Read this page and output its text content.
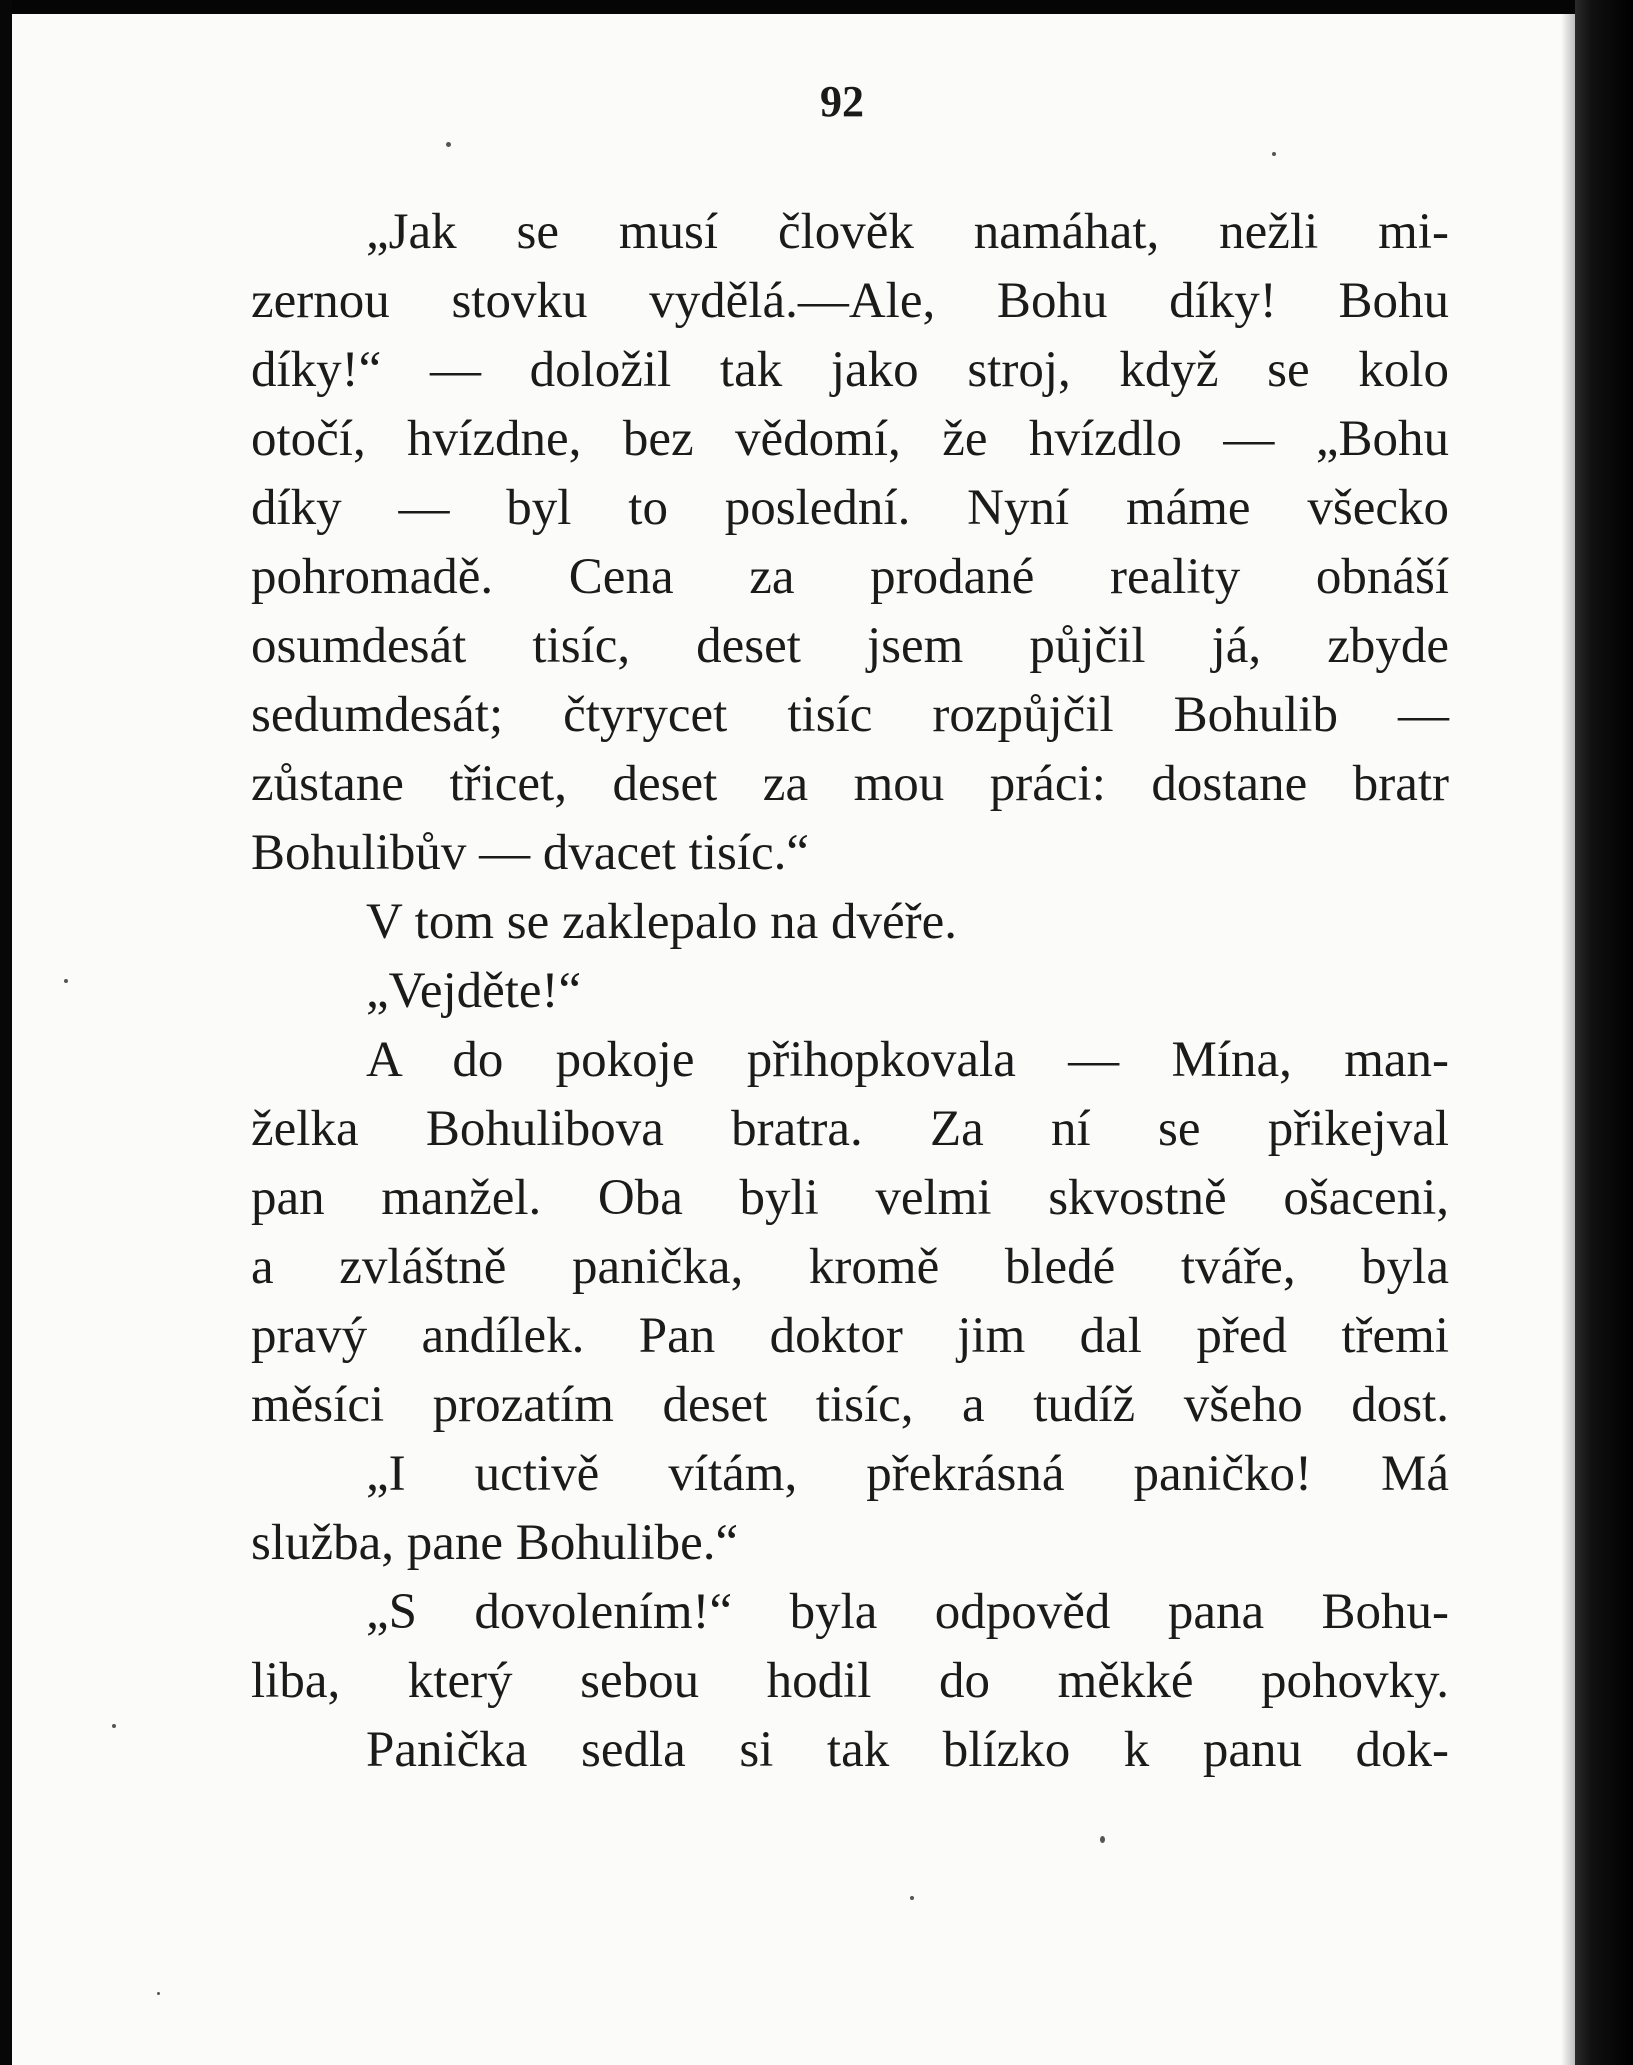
92

„Jak se musí člověk namáhat, nežli mi-
zernou stovku vydělá.—Ale, Bohu díky! Bohu
díky!“ — doložil tak jako stroj, když se kolo
otočí, hvízdne, bez vědomí, že hvízdlo — „Bohu
díky — byl to poslední. Nyní máme všecko
pohromadě. Cena za prodané reality obnáší
osumdesát tisíc, deset jsem půjčil já, zbyde
sedumdesát; čtyrycet tisíc rozpůjčil Bohulib —
zůstane třicet, deset za mou práci: dostane bratr
Bohulibův — dvacet tisíc.“
V tom se zaklepalo na dvéře.
„Vejděte!“
A do pokoje přihopkovala — Mína, man-
želka Bohulibova bratra. Za ní se přikejval
pan manžel. Oba byli velmi skvostně ošaceni,
a zvláštně panička, kromě bledé tváře, byla
pravý andílek. Pan doktor jim dal před třemi
měsíci prozatím deset tisíc, a tudíž všeho dost.
„I uctivě vítám, překrásná paničko! Má
služba, pane Bohulibe.“
„S dovolením!“ byla odpověd pana Bohu-
liba, který sebou hodil do měkké pohovky.
Panička sedla si tak blízko k panu dok-
